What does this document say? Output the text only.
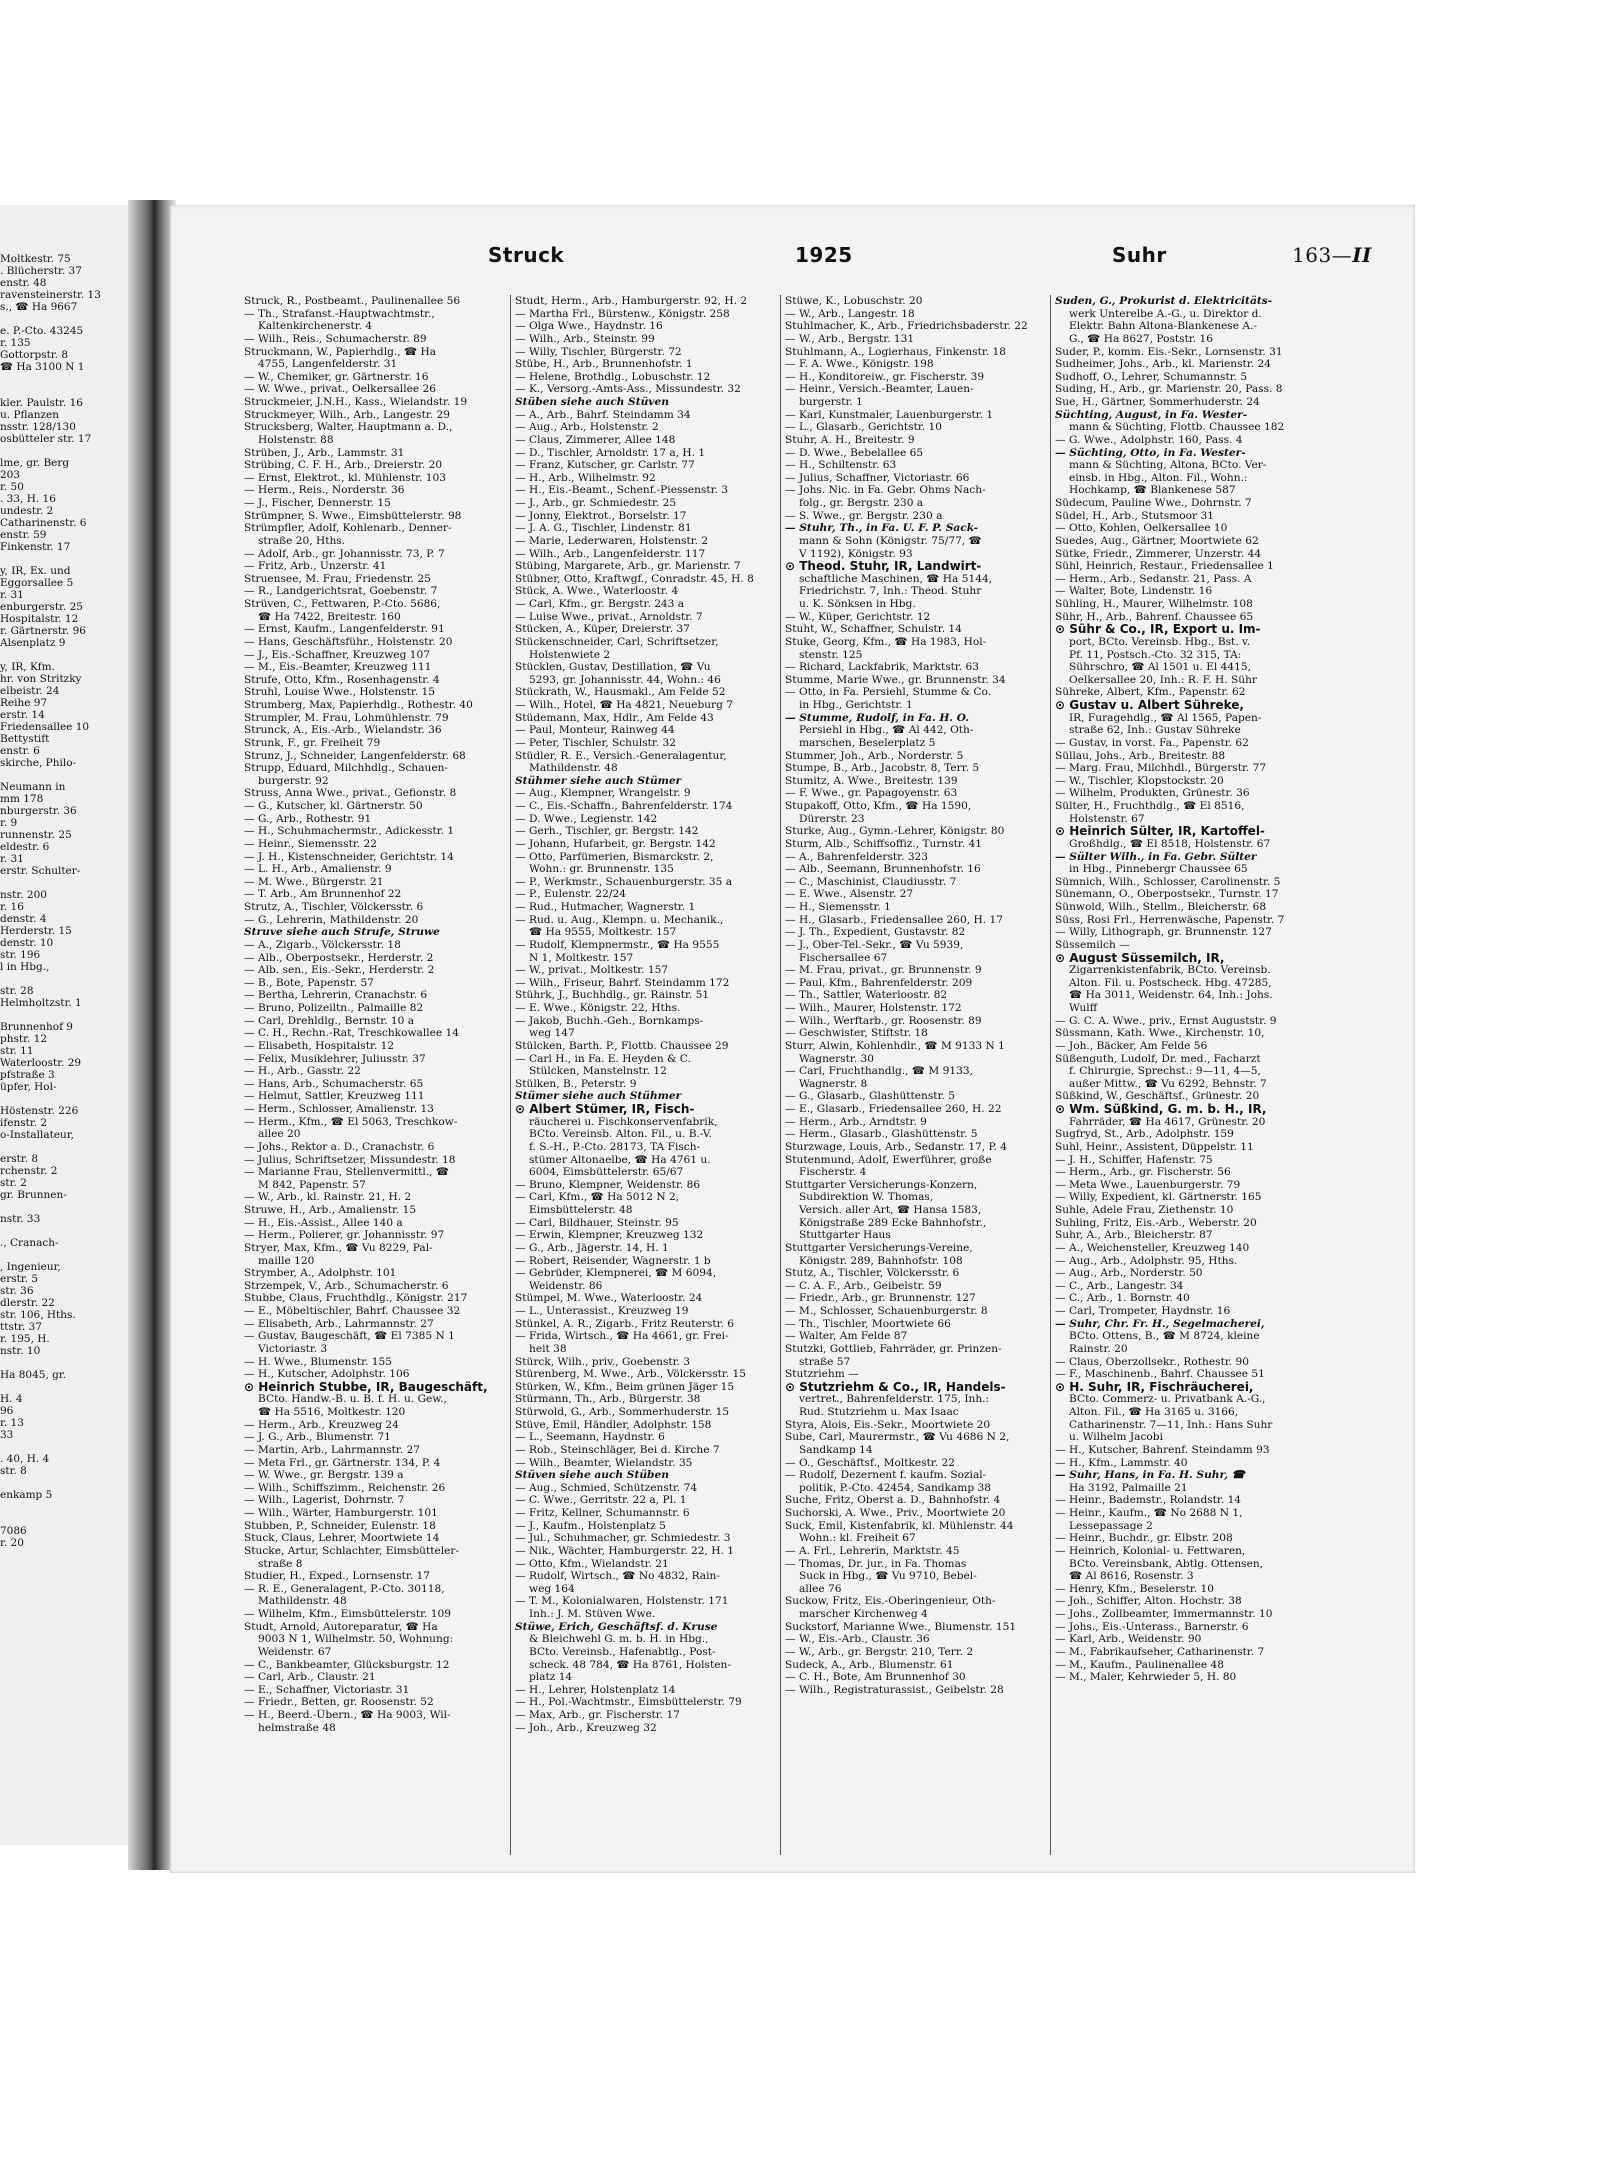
Moltkestr. 75
. Blücherstr. 37
enstr. 48
ravensteinerstr. 13
s., ☎ Ha 9667
e. P.-Cto. 43245
r. 135
Gottorpstr. 8
☎ Ha 3100 N 1
kler. Paulstr. 16
u. Pflanzen
nsstr. 128/130
osbütteler str. 17
lme, gr. Berg
203
r. 50
. 33, H. 16
undestr. 2
Catharinenstr. 6
enstr. 59
Finkenstr. 17
y, IR, Ex. und
Eggorsallee 5
r. 31
enburgerstr. 25
Hospitalstr. 12
r. Gärtnerstr. 96
Alsenplatz 9
y, IR, Kfm.
hr. von Stritzky
elbeistr. 24
Reihe 97
erstr. 14
Friedensallee 10
Bettystift
enstr. 6
skirche, Philo-
Neumann in
mm 178
nburgerstr. 36
r. 9
runnenstr. 25
eldestr. 6
r. 31
erstr. Schulter-
nstr. 200
r. 16
denstr. 4
Herderstr. 15
denstr. 10
str. 196
l in Hbg.,
str. 28
Helmholtzstr. 1
Brunnenhof 9
phstr. 12
str. 11
Waterloostr. 29
pfstraße 3
üpfer, Hol-
Höstenstr. 226
ifenstr. 2
o-Installateur,
erstr. 8
rchenstr. 2
str. 2
gr. Brunnen-
nstr. 33
., Cranach-
, Ingenieur,
erstr. 5
str. 36
dlerstr. 22
str. 106, Hths.
ttstr. 37
r. 195, H.
nstr. 10
Ha 8045, gr.
H. 4
96
r. 13
33
. 40, H. 4
str. 8
enkamp 5
7086
r. 20
Struck	1925	Suhr	163—II
Struck, R., Postbeamt., Paulinenallee 56
— Th., Strafanst.-Hauptwachtmstr.,
Kaltenkirchenerstr. 4
— Wilh., Reis., Schumacherstr. 89
Struckmann, W., Papierhdlg., ☎ Ha
4755, Langenfelderstr. 31
— W., Chemiker, gr. Gärtnerstr. 16
— W. Wwe., privat., Oelkersallee 26
Struckmeier, J.N.H., Kass., Wielandstr. 19
Struckmeyer, Wilh., Arb., Langestr. 29
Strucksberg, Walter, Hauptmann a. D.,
Holstenstr. 88
Strüben, J., Arb., Lammstr. 31
Strübing, C. F. H., Arb., Dreierstr. 20
— Ernst, Elektrot., kl. Mühlenstr. 103
— Herm., Reis., Norderstr. 36
— J., Fischer, Dennerstr. 15
Strümpner, S. Wwe., Eimsbüttelerstr. 98
Strümpfler, Adolf, Kohlenarb., Denner-
straße 20, Hths.
— Adolf, Arb., gr. Johannisstr. 73, P. 7
— Fritz, Arb., Unzerstr. 41
Struensee, M. Frau, Friedenstr. 25
— R., Landgerichtsrat, Goebenstr. 7
Strüven, C., Fettwaren, P.-Cto. 5686,
☎ Ha 7422, Breitestr. 160
— Ernst, Kaufm., Langenfelderstr. 91
— Hans, Geschäftsführ., Holstenstr. 20
— J., Eis.-Schaffner, Kreuzweg 107
— M., Eis.-Beamter, Kreuzweg 111
Strufe, Otto, Kfm., Rosenhagenstr. 4
Struhl, Louise Wwe., Holstenstr. 15
Strumberg, Max, Papierhdlg., Rothestr. 40
Strumpler, M. Frau, Lohmühlenstr. 79
Strunck, A., Eis.-Arb., Wielandstr. 36
Strunk, F., gr. Freiheit 79
Strunz, J., Schneider, Langenfelderstr. 68
Strupp, Eduard, Milchhdlg., Schauen-
burgerstr. 92
Struss, Anna Wwe., privat., Gefionstr. 8
— G., Kutscher, kl. Gärtnerstr. 50
— G., Arb., Rothestr. 91
— H., Schuhmachermstr., Adickesstr. 1
— Heinr., Siemensstr. 22
— J. H., Kistenschneider, Gerichtstr. 14
— L. H., Arb., Amalienstr. 9
— M. Wwe., Bürgerstr. 21
— T. Arb., Am Brunnenhof 22
Strutz, A., Tischler, Völckersstr. 6
— G., Lehrerin, Mathildenstr. 20
Struve siehe auch Strufe, Struwe
— A., Zigarb., Völckersstr. 18
— Alb., Oberpostsekr., Herderstr. 2
— Alb. sen., Eis.-Sekr., Herderstr. 2
— B., Bote, Papenstr. 57
— Bertha, Lehrerin, Cranachstr. 6
— Bruno, Polizeiltn., Palmaille 82
— Carl, Drehldlg., Bernstr. 10 a
— C. H., Rechn.-Rat, Treschkowallee 14
— Elisabeth, Hospitalstr. 12
— Felix, Musiklehrer, Juliusstr. 37
— H., Arb., Gasstr. 22
— Hans, Arb., Schumacherstr. 65
— Helmut, Sattler, Kreuzweg 111
— Herm., Schlosser, Amalienstr. 13
— Herm., Kfm., ☎ El 5063, Treschkow-
allee 20
— Johs., Rektor a. D., Cranachstr. 6
— Julius, Schriftsetzer, Missundestr. 18
— Marianne Frau, Stellenvermittl., ☎
M 842, Papenstr. 57
— W., Arb., kl. Rainstr. 21, H. 2
Struwe, H., Arb., Amalienstr. 15
— H., Eis.-Assist., Allee 140 a
— Herm., Polierer, gr. Johannisstr. 97
Stryer, Max, Kfm., ☎ Vu 8229, Pal-
maille 120
Strymber, A., Adolphstr. 101
Strzempek, V., Arb., Schumacherstr. 6
Stubbe, Claus, Fruchthdlg., Königstr. 217
— E., Möbeltischler, Bahrf. Chaussee 32
— Elisabeth, Arb., Lahrmannstr. 27
— Gustav, Baugeschäft, ☎ El 7385 N 1
Victoriastr. 3
— H. Wwe., Blumenstr. 155
— H., Kutscher, Adolphstr. 106
⊙ Heinrich Stubbe, IR, Baugeschäft,
BCto. Handw.-B. u. B. f. H. u. Gew.,
☎ Ha 5516, Moltkestr. 120
— Herm., Arb., Kreuzweg 24
— J. G., Arb., Blumenstr. 71
— Martin, Arb., Lahrmannstr. 27
— Meta Frl., gr. Gärtnerstr. 134, P. 4
— W. Wwe., gr. Bergstr. 139 a
— Wilh., Schiffszimm., Reichenstr. 26
— Wilh., Lagerist, Dohrnstr. 7
— Wilh., Wärter, Hamburgerstr. 101
Stubben, P., Schneider, Eulenstr. 18
Stuck, Claus, Lehrer, Moortwiete 14
Stucke, Artur, Schlachter, Eimsbütteler-
straße 8
Studier, H., Exped., Lornsenstr. 17
— R. E., Generalagent, P.-Cto. 30118,
Mathildenstr. 48
— Wilhelm, Kfm., Eimsbüttelerstr. 109
Studt, Arnold, Autoreparatur, ☎ Ha
9003 N 1, Wilhelmstr. 50, Wohnung:
Weidenstr. 67
— C., Bankbeamter, Glücksburgstr. 12
— Carl, Arb., Claustr. 21
— E., Schaffner, Victoriastr. 31
— Friedr., Betten, gr. Roosenstr. 52
— H., Beerd.-Übern., ☎ Ha 9003, Wil-
helmstraße 48
Studt, Herm., Arb., Hamburgerstr. 92, H. 2
— Martha Frl., Bürstenw., Königstr. 258
— Olga Wwe., Haydnstr. 16
— Wilh., Arb., Steinstr. 99
— Willy, Tischler, Bürgerstr. 72
Stübe, H., Arb., Brunnenhofstr. 1
— Helene, Brothdlg., Lobuschstr. 12
— K., Versorg.-Amts-Ass., Missundestr. 32
Stüben siehe auch Stüven
— A., Arb., Bahrf. Steindamm 34
— Aug., Arb., Holstenstr. 2
— Claus, Zimmerer, Allee 148
— D., Tischler, Arnoldstr. 17 a, H. 1
— Franz, Kutscher, gr. Carlstr. 77
— H., Arb., Wilhelmstr. 92
— H., Eis.-Beamt., Schenf.-Piessenstr. 3
— J., Arb., gr. Schmiedestr. 25
— Jonny, Elektrot., Borselstr. 17
— J. A. G., Tischler, Lindenstr. 81
— Marie, Lederwaren, Holstenstr. 2
— Wilh., Arb., Langenfelderstr. 117
Stübing, Margarete, Arb., gr. Marienstr. 7
Stübner, Otto, Kraftwgf., Conradstr. 45, H. 8
Stück, A. Wwe., Waterloostr. 4
— Carl, Kfm., gr. Bergstr. 243 a
— Luise Wwe., privat., Arnoldstr. 7
Stücken, A., Küper, Dreierstr. 37
Stückenschneider, Carl, Schriftsetzer,
Holstenwiete 2
Stücklen, Gustav, Destillation, ☎ Vu
5293, gr. Johannisstr. 44, Wohn.: 46
Stückrath, W., Hausmakl., Am Felde 52
— Wilh., Hotel, ☎ Ha 4821, Neueburg 7
Stüdemann, Max, Hdlr., Am Felde 43
— Paul, Monteur, Rainweg 44
— Peter, Tischler, Schulstr. 32
Stüdler, R. E., Versich.-Generalagentur,
Mathildenstr. 48
Stühmer siehe auch Stümer
— Aug., Klempner, Wrangelstr. 9
— C., Eis.-Schaffn., Bahrenfelderstr. 174
— D. Wwe., Legienstr. 142
— Gerh., Tischler, gr. Bergstr. 142
— Johann, Hufarbeit, gr. Bergstr. 142
— Otto, Parfümerien, Bismarckstr. 2,
Wohn.: gr. Brunnenstr. 135
— P., Werkmstr., Schauenburgerstr. 35 a
— P., Eulenstr. 22/24
— Rud., Hutmacher, Wagnerstr. 1
— Rud. u. Aug., Klempn. u. Mechanik.,
☎ Ha 9555, Moltkestr. 157
— Rudolf, Klempnermstr., ☎ Ha 9555
N 1, Moltkestr. 157
— W., privat., Moltkestr. 157
— Wilh., Friseur, Bahrf. Steindamm 172
Stührk, J., Buchhdlg., gr. Rainstr. 51
— E. Wwe., Königstr. 22, Hths.
— Jakob, Buchh.-Geh., Bornkamps-
weg 147
Stülcken, Barth. P., Flottb. Chaussee 29
— Carl H., in Fa. E. Heyden & C.
Stülcken, Manstelnstr. 12
Stülken, B., Peterstr. 9
Stümer siehe auch Stühmer
⊙ Albert Stümer, IR, Fisch-
räucherei u. Fischkonservenfabrik,
BCto. Vereinsb. Alton. Fil., u. B.-V.
f. S.-H., P.-Cto. 28173, TA Fisch-
stümer Altonaelbe, ☎ Ha 4761 u.
6004, Eimsbüttelerstr. 65/67
— Bruno, Klempner, Weidenstr. 86
— Carl, Kfm., ☎ Ha 5012 N 2,
Eimsbüttelerstr. 48
— Carl, Bildhauer, Steinstr. 95
— Erwin, Klempner, Kreuzweg 132
— G., Arb., Jägerstr. 14, H. 1
— Robert, Reisender, Wagnerstr. 1 b
— Gebrüder, Klempnerei, ☎ M 6094,
Weidenstr. 86
Stümpel, M. Wwe., Waterloostr. 24
— L., Unterassist., Kreuzweg 19
Stünkel, A. R., Zigarb., Fritz Reuterstr. 6
— Frida, Wirtsch., ☎ Ha 4661, gr. Frei-
heit 38
Stürck, Wilh., priv., Goebenstr. 3
Stürenberg, M. Wwe., Arb., Völckersstr. 15
Stürken, W., Kfm., Beim grünen Jäger 15
Stürmann, Th., Arb., Bürgerstr. 38
Stürwold, G., Arb., Sommerhuderstr. 15
Stüve, Emil, Händler, Adolphstr. 158
— L., Seemann, Haydnstr. 6
— Rob., Steinschläger, Bei d. Kirche 7
— Wilh., Beamter, Wielandstr. 35
Stüven siehe auch Stüben
— Aug., Schmied, Schützenstr. 74
— C. Wwe., Gerritstr. 22 a, Pl. 1
— Fritz, Kellner, Schumannstr. 6
— J., Kaufm., Holstenplatz 5
— Jul., Schuhmacher, gr. Schmiedestr. 3
— Nik., Wächter, Hamburgerstr. 22, H. 1
— Otto, Kfm., Wielandstr. 21
— Rudolf, Wirtsch., ☎ No 4832, Rain-
weg 164
— T. M., Kolonialwaren, Holstenstr. 171
Inh.: J. M. Stüven Wwe.
Stüwe, Erich, Geschäftsf. d. Kruse
& Bleichwehl G. m. b. H. in Hbg.,
BCto. Vereinsb., Hafenabtlg., Post-
scheck. 48 784, ☎ Ha 8761, Holsten-
platz 14
— H., Lehrer, Holstenplatz 14
— H., Pol.-Wachtmstr., Eimsbüttelerstr. 79
— Max, Arb., gr. Fischerstr. 17
— Joh., Arb., Kreuzweg 32
Stüwe, K., Lobuschstr. 20
— W., Arb., Langestr. 18
Stuhlmacher, K., Arb., Friedrichsbaderstr. 22
— W., Arb., Bergstr. 131
Stuhlmann, A., Logierhaus, Finkenstr. 18
— F. A. Wwe., Königstr. 198
— H., Konditoreiw., gr. Fischerstr. 39
— Heinr., Versich.-Beamter, Lauen-
burgerstr. 1
— Karl, Kunstmaler, Lauenburgerstr. 1
— L., Glasarb., Gerichtstr. 10
Stuhr, A. H., Breitestr. 9
— D. Wwe., Bebelallee 65
— H., Schiltenstr. 63
— Julius, Schaffner, Victoriastr. 66
— Johs. Nic. in Fa. Gebr. Ohms Nach-
folg., gr. Bergstr. 230 a
— S. Wwe., gr. Bergstr. 230 a
— Stuhr, Th., in Fa. U. F. P. Sack-
mann & Sohn (Königstr. 75/77, ☎
V 1192), Königstr. 93
⊙ Theod. Stuhr, IR, Landwirt-
schaftliche Maschinen, ☎ Ha 5144,
Friedrichstr. 7, Inh.: Theod. Stuhr
u. K. Sönksen in Hbg.
— W., Küper, Gerichtstr. 12
Stuht, W., Schaffner, Schulstr. 14
Stuke, Georg, Kfm., ☎ Ha 1983, Hol-
stenstr. 125
— Richard, Lackfabrik, Marktstr. 63
Stumme, Marie Wwe., gr. Brunnenstr. 34
— Otto, in Fa. Persiehl, Stumme & Co.
in Hbg., Gerichtstr. 1
— Stumme, Rudolf, in Fa. H. O.
Persiehl in Hbg., ☎ Al 442, Oth-
marschen, Beselerplatz 5
Stummer, Joh., Arb., Norderstr. 5
Stumpe, B., Arb., Jacobstr. 8, Terr. 5
Stumitz, A. Wwe., Breitestr. 139
— F. Wwe., gr. Papagoyenstr. 63
Stupakoff, Otto, Kfm., ☎ Ha 1590,
Dürerstr. 23
Sturke, Aug., Gymn.-Lehrer, Königstr. 80
Sturm, Alb., Schiffsoffiz., Turnstr. 41
— A., Bahrenfelderstr. 323
— Alb., Seemann, Brunnenhofstr. 16
— C., Maschinist, Claudiusstr. 7
— E. Wwe., Alsenstr. 27
— H., Siemensstr. 1
— H., Glasarb., Friedensallee 260, H. 17
— J. Th., Expedient, Gustavstr. 82
— J., Ober-Tel.-Sekr., ☎ Vu 5939,
Fischersallee 67
— M. Frau, privat., gr. Brunnenstr. 9
— Paul, Kfm., Bahrenfelderstr. 209
— Th., Sattler, Waterloostr. 82
— Wilh., Maurer, Holstenstr. 172
— Wilh., Werftarb., gr. Roosenstr. 89
— Geschwister, Stiftstr. 18
Sturr, Alwin, Kohlenhdlr., ☎ M 9133 N 1
Wagnerstr. 30
— Carl, Fruchthandlg., ☎ M 9133,
Wagnerstr. 8
— G., Glasarb., Glashüttenstr. 5
— E., Glasarb., Friedensallee 260, H. 22
— Herm., Arb., Arndtstr. 9
— Herm., Glasarb., Glashüttenstr. 5
Sturzwage, Louis, Arb., Sedanstr. 17, P. 4
Stutenmund, Adolf, Ewerführer, große
Fischerstr. 4
Stuttgarter Versicherungs-Konzern,
Subdirektion W. Thomas,
Versich. aller Art, ☎ Hansa 1583,
Königstraße 289 Ecke Bahnhofstr.,
Stuttgarter Haus
Stuttgarter Versicherungs-Vereine,
Königstr. 289, Bahnhofstr. 108
Stutz, A., Tischler, Völckersstr. 6
— C. A. F., Arb., Geibelstr. 59
— Friedr., Arb., gr. Brunnenstr. 127
— M., Schlosser, Schauenburgerstr. 8
— Th., Tischler, Moortwiete 66
— Walter, Am Felde 87
Stutzki, Gottlieb, Fahrräder, gr. Prinzen-
straße 57
Stutzriehm —
⊙ Stutzriehm & Co., IR, Handels-
vertret., Bahrenfelderstr. 175, Inh.:
Rud. Stutzriehm u. Max Isaac
Styra, Alois, Eis.-Sekr., Moortwiete 20
Sube, Carl, Maurermstr., ☎ Vu 4686 N 2,
Sandkamp 14
— O., Geschäftsf., Moltkestr. 22
— Rudolf, Dezernent f. kaufm. Sozial-
politik, P.-Cto. 42454, Sandkamp 38
Suche, Fritz, Oberst a. D., Bahnhofstr. 4
Suchorski, A. Wwe., Priv., Moortwiete 20
Suck, Emil, Kistenfabrik, kl. Mühlenstr. 44
Wohn.: kl. Freiheit 67
— A. Frl., Lehrerin, Marktstr. 45
— Thomas, Dr. jur., in Fa. Thomas
Suck in Hbg., ☎ Vu 9710, Bebel-
allee 76
Suckow, Fritz, Eis.-Oberingenieur, Oth-
marscher Kirchenweg 4
Suckstorf, Marianne Wwe., Blumenstr. 151
— W., Eis.-Arb., Claustr. 36
— W., Arb., gr. Bergstr. 210, Terr. 2
Sudeck, A., Arb., Blumenstr. 61
— C. H., Bote, Am Brunnenhof 30
— Wilh., Registraturassist., Geibelstr. 28
Suden, G., Prokurist d. Elektricitäts-
werk Unterelbe A.-G., u. Direktor d.
Elektr. Bahn Altona-Blankenese A.-
G., ☎ Ha 8627, Poststr. 16
Suder, P., komm. Eis.-Sekr., Lornsenstr. 31
Sudheimer, Johs., Arb., kl. Marienstr. 24
Sudhoff, O., Lehrer, Schumannstr. 5
Suding, H., Arb., gr. Marienstr. 20, Pass. 8
Sue, H., Gärtner, Sommerhuderstr. 24
Süchting, August, in Fa. Wester-
mann & Süchting, Flottb. Chaussee 182
— G. Wwe., Adolphstr. 160, Pass. 4
— Süchting, Otto, in Fa. Wester-
mann & Süchting, Altona, BCto. Ver-
einsb. in Hbg., Alton. Fil., Wohn.:
Hochkamp, ☎ Blankenese 587
Südecum, Pauline Wwe., Dohrnstr. 7
Südel, H., Arb., Stutsmoor 31
— Otto, Kohlen, Oelkersallee 10
Suedes, Aug., Gärtner, Moortwiete 62
Sütke, Friedr., Zimmerer, Unzerstr. 44
Sühl, Heinrich, Restaur., Friedensallee 1
— Herm., Arb., Sedanstr. 21, Pass. A
— Walter, Bote, Lindenstr. 16
Sühling, H., Maurer, Wilhelmstr. 108
Sühr, H., Arb., Bahrenf. Chaussee 65
⊙ Sühr & Co., IR, Export u. Im-
port, BCto. Vereinsb. Hbg., Bst. v.
Pf. 11, Postsch.-Cto. 32 315, TA:
Sührschro, ☎ Al 1501 u. El 4415,
Oelkersallee 20, Inh.: R. F. H. Sühr
Sühreke, Albert, Kfm., Papenstr. 62
⊙ Gustav u. Albert Sühreke,
IR, Furagehdlg., ☎ Al 1565, Papen-
straße 62, Inh.: Gustav Sühreke
— Gustav, in vorst. Fa., Papenstr. 62
Süllau, Johs., Arb., Breitestr. 88
— Marg. Frau, Milchhdl., Bürgerstr. 77
— W., Tischler, Klopstockstr. 20
— Wilhelm, Produkten, Grünestr. 36
Sülter, H., Fruchthdlg., ☎ El 8516,
Holstenstr. 67
⊙ Heinrich Sülter, IR, Kartoffel-
Großhdlg., ☎ El 8518, Holstenstr. 67
— Sülter Wilh., in Fa. Gebr. Sülter
in Hbg., Pinnebergr Chaussee 65
Sümnich, Wilh., Schlosser, Carolinenstr. 5
Sünemann, O., Oberpostsekr., Turnstr. 17
Sünwold, Wilh., Stellm., Bleicherstr. 68
Süss, Rosi Frl., Herrenwäsche, Papenstr. 7
— Willy, Lithograph, gr. Brunnenstr. 127
Süssemilch —
⊙ August Süssemilch, IR,
Zigarrenkistenfabrik, BCto. Vereinsb.
Alton. Fil. u. Postscheck. Hbg. 47285,
☎ Ha 3011, Weidenstr. 64, Inh.: Johs.
Wulff
— G. C. A. Wwe., priv., Ernst Auguststr. 9
Süssmann, Kath. Wwe., Kirchenstr. 10,
— Joh., Bäcker, Am Felde 56
Süßenguth, Ludolf, Dr. med., Facharzt
f. Chirurgie, Sprechst.: 9—11, 4—5,
außer Mittw., ☎ Vu 6292, Behnstr. 7
Süßkind, W., Geschäftsf., Grünestr. 20
⊙ Wm. Süßkind, G. m. b. H., IR,
Fahrräder, ☎ Ha 4617, Grünestr. 20
Sugfryd, St., Arb., Adolphstr. 159
Suhl, Heinr., Assistent, Düppelstr. 11
— J. H., Schiffer, Hafenstr. 75
— Herm., Arb., gr. Fischerstr. 56
— Meta Wwe., Lauenburgerstr. 79
— Willy, Expedient, kl. Gärtnerstr. 165
Suhle, Adele Frau, Ziethenstr. 10
Suhling, Fritz, Eis.-Arb., Weberstr. 20
Suhr, A., Arb., Bleicherstr. 87
— A., Weichensteller, Kreuzweg 140
— Aug., Arb., Adolphstr. 95, Hths.
— Aug., Arb., Norderstr. 50
— C., Arb., Langestr. 34
— C., Arb., 1. Bornstr. 40
— Carl, Trompeter, Haydnstr. 16
— Suhr, Chr. Fr. H., Segelmacherei,
BCto. Ottens, B., ☎ M 8724, kleine
Rainstr. 20
— Claus, Oberzollsekr., Rothestr. 90
— F., Maschinenb., Bahrf. Chaussee 51
⊙ H. Suhr, IR, Fischräucherei,
BCto. Commerz- u. Privatbank A.-G.,
Alton. Fil., ☎ Ha 3165 u. 3166,
Catharinenstr. 7—11, Inh.: Hans Suhr
u. Wilhelm Jacobi
— H., Kutscher, Bahrenf. Steindamm 93
— H., Kfm., Lammstr. 40
— Suhr, Hans, in Fa. H. Suhr, ☎
Ha 3192, Palmaille 21
— Heinr., Bademstr., Rolandstr. 14
— Heinr., Kaufm., ☎ No 2688 N 1,
Lessepassage 2
— Heinr., Buchdr., gr. Elbstr. 208
— Heinrich, Kolonial- u. Fettwaren,
BCto. Vereinsbank, Abtlg. Ottensen,
☎ Al 8616, Rosenstr. 3
— Henry, Kfm., Beselerstr. 10
— Joh., Schiffer, Alton. Hochstr. 38
— Johs., Zollbeamter, Immermannstr. 10
— Johs., Eis.-Unterass., Barnerstr. 6
— Karl, Arb., Weidenstr. 90
— M., Fabrikaufseher, Catharinenstr. 7
— M., Kaufm., Paulinenallee 48
— M., Maler, Kehrwieder 5, H. 80
